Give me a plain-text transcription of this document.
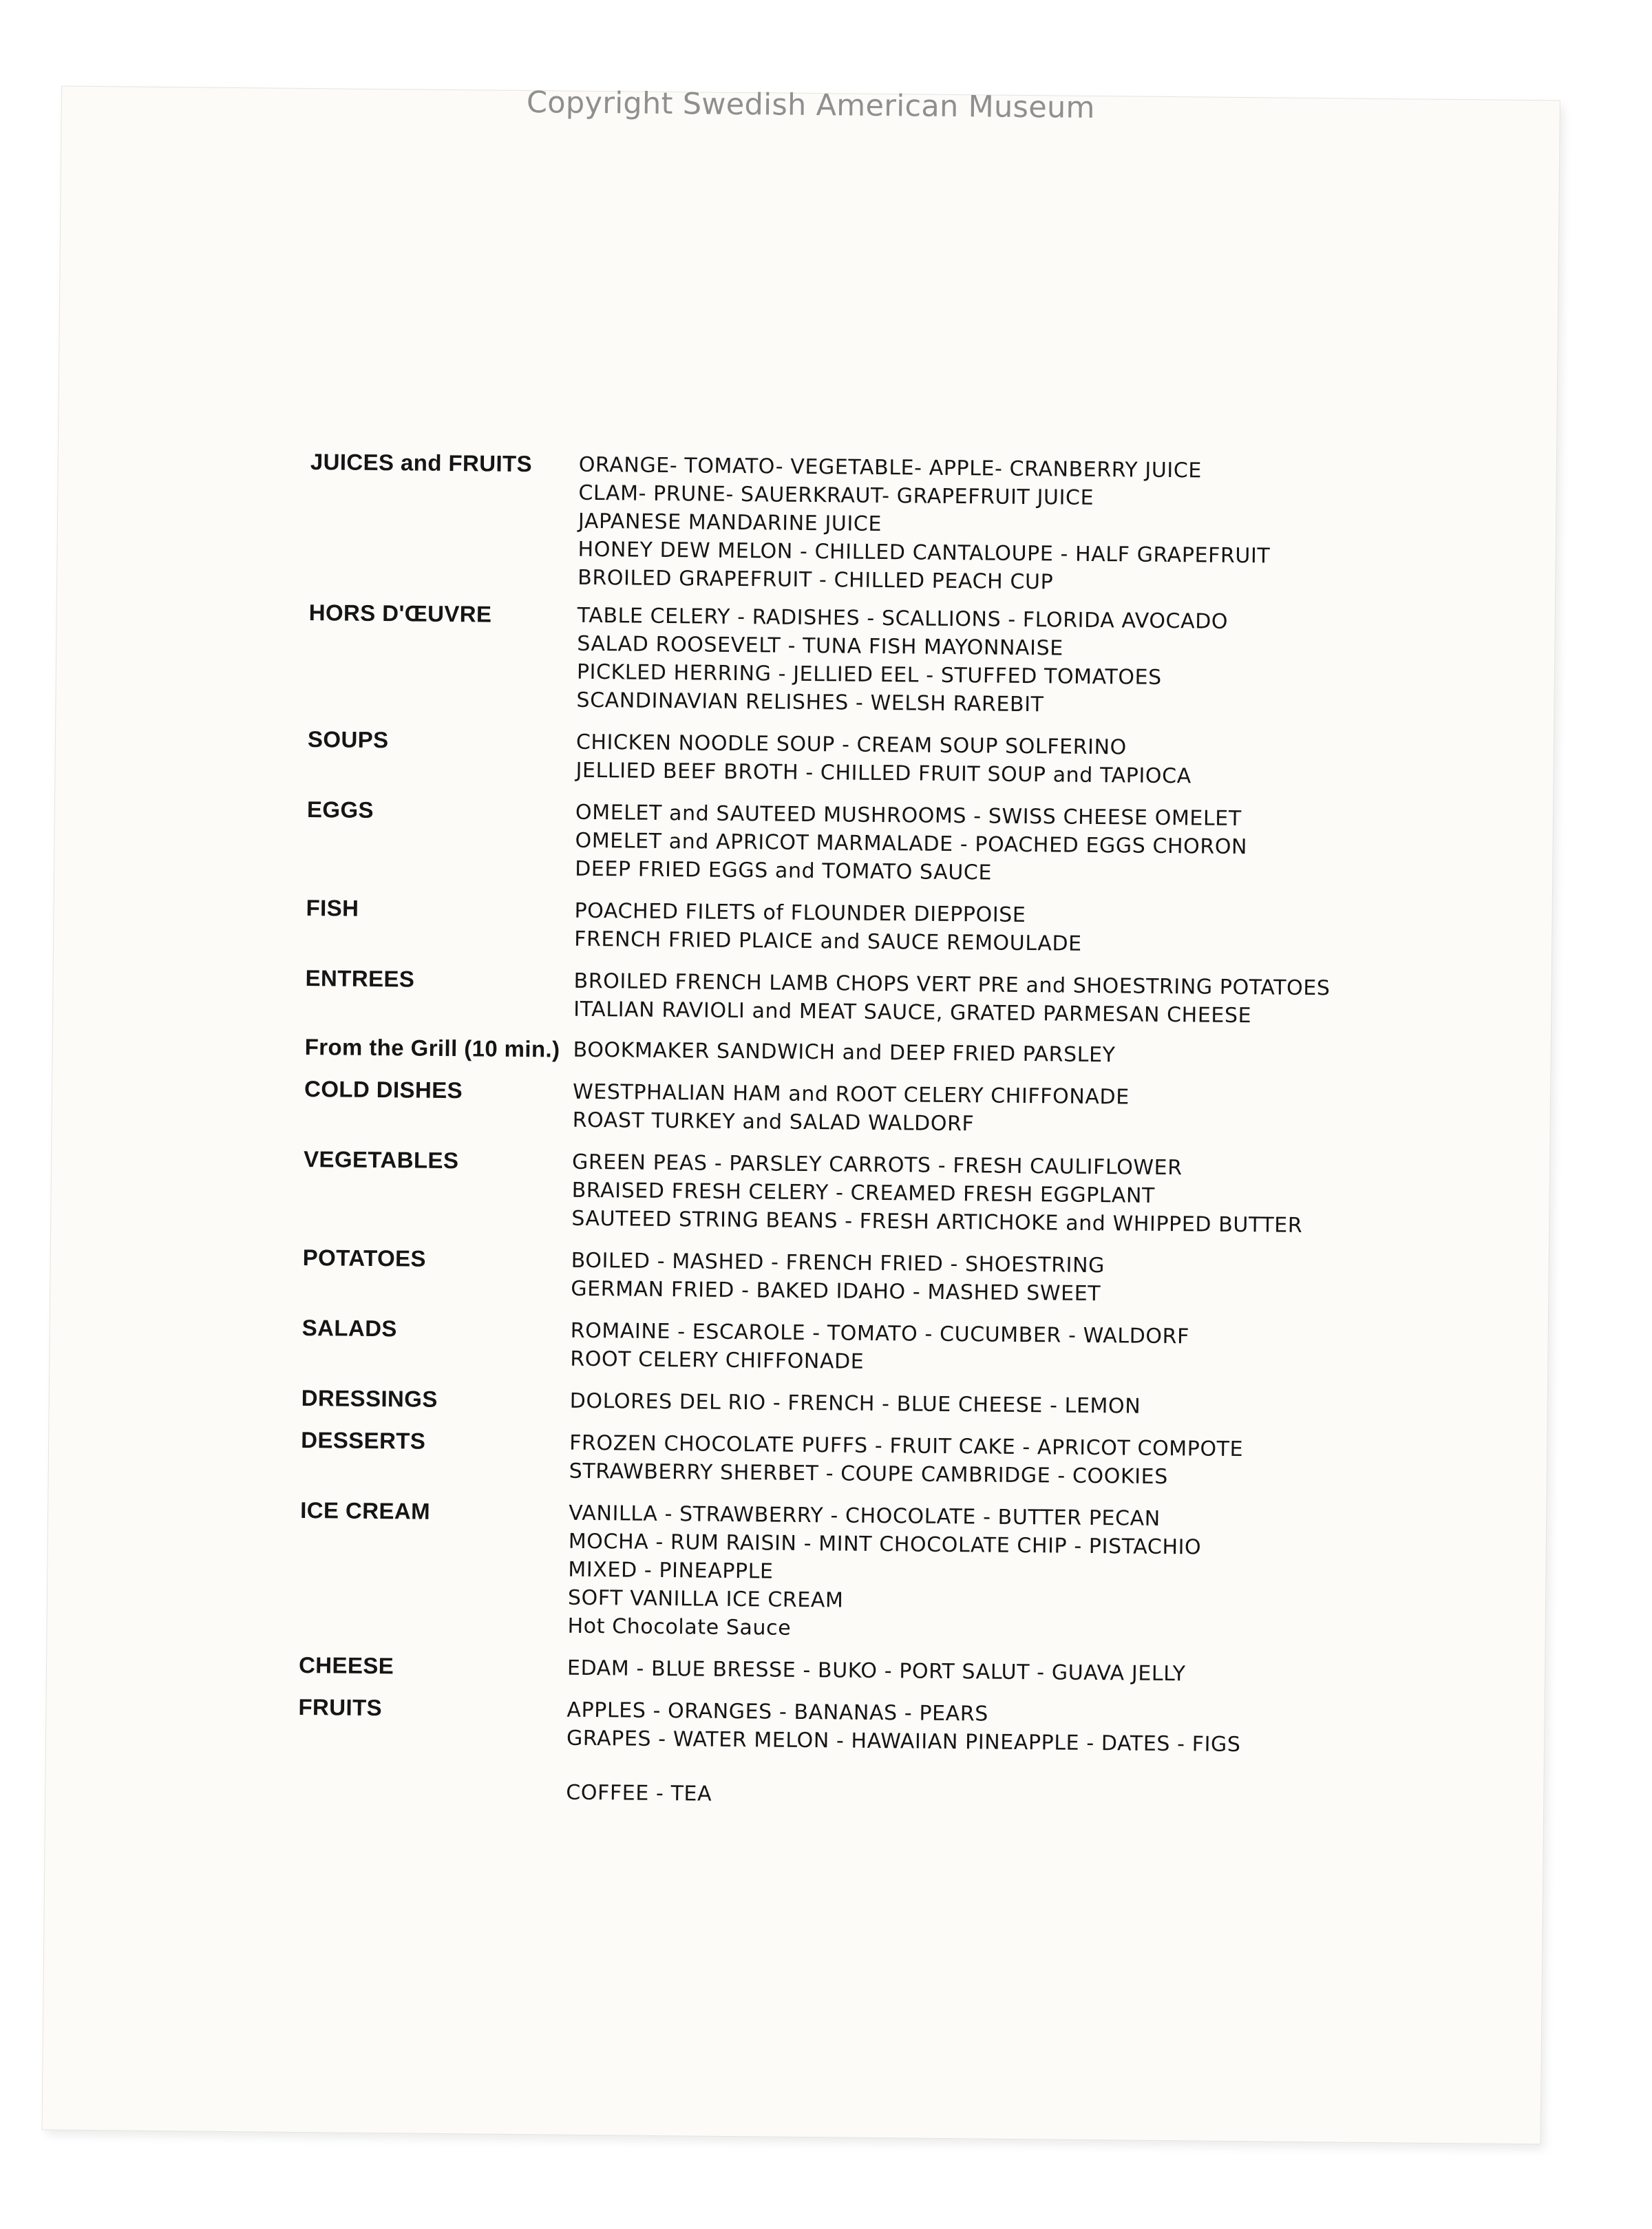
Copyright Swedish American Museum
JUICES and FRUITS	ORANGE- TOMATO- VEGETABLE- APPLE- CRANBERRY JUICE
CLAM- PRUNE- SAUERKRAUT- GRAPEFRUIT JUICE
JAPANESE MANDARINE JUICE
HONEY DEW MELON - CHILLED CANTALOUPE - HALF GRAPEFRUIT
BROILED GRAPEFRUIT - CHILLED PEACH CUP
HORS D'ŒUVRE	TABLE CELERY - RADISHES - SCALLIONS - FLORIDA AVOCADO
SALAD ROOSEVELT - TUNA FISH MAYONNAISE
PICKLED HERRING - JELLIED EEL - STUFFED TOMATOES
SCANDINAVIAN RELISHES - WELSH RAREBIT
SOUPS	CHICKEN NOODLE SOUP - CREAM SOUP SOLFERINO
JELLIED BEEF BROTH - CHILLED FRUIT SOUP and TAPIOCA
EGGS	OMELET and SAUTEED MUSHROOMS - SWISS CHEESE OMELET
OMELET and APRICOT MARMALADE - POACHED EGGS CHORON
DEEP FRIED EGGS and TOMATO SAUCE
FISH	POACHED FILETS of FLOUNDER DIEPPOISE
FRENCH FRIED PLAICE and SAUCE REMOULADE
ENTREES	BROILED FRENCH LAMB CHOPS VERT PRE and SHOESTRING POTATOES
ITALIAN RAVIOLI and MEAT SAUCE, GRATED PARMESAN CHEESE
From the Grill (10 min.) BOOKMAKER SANDWICH and DEEP FRIED PARSLEY
COLD DISHES	WESTPHALIAN HAM and ROOT CELERY CHIFFONADE
ROAST TURKEY and SALAD WALDORF
VEGETABLES	GREEN PEAS - PARSLEY CARROTS - FRESH CAULIFLOWER
BRAISED FRESH CELERY - CREAMED FRESH EGGPLANT
SAUTEED STRING BEANS - FRESH ARTICHOKE and WHIPPED BUTTER
POTATOES	BOILED - MASHED - FRENCH FRIED - SHOESTRING
GERMAN FRIED - BAKED IDAHO - MASHED SWEET
SALADS	ROMAINE - ESCAROLE - TOMATO - CUCUMBER - WALDORF
ROOT CELERY CHIFFONADE
DRESSINGS	DOLORES DEL RIO - FRENCH - BLUE CHEESE - LEMON
DESSERTS	FROZEN CHOCOLATE PUFFS - FRUIT CAKE - APRICOT COMPOTE
STRAWBERRY SHERBET - COUPE CAMBRIDGE - COOKIES
ICE CREAM	VANILLA - STRAWBERRY - CHOCOLATE - BUTTER PECAN
MOCHA - RUM RAISIN - MINT CHOCOLATE CHIP - PISTACHIO
MIXED - PINEAPPLE
SOFT VANILLA ICE CREAM
Hot Chocolate Sauce
CHEESE	EDAM - BLUE BRESSE - BUKO - PORT SALUT - GUAVA JELLY
FRUITS	APPLES - ORANGES - BANANAS - PEARS
GRAPES - WATER MELON - HAWAIIAN PINEAPPLE - DATES - FIGS
COFFEE - TEA
